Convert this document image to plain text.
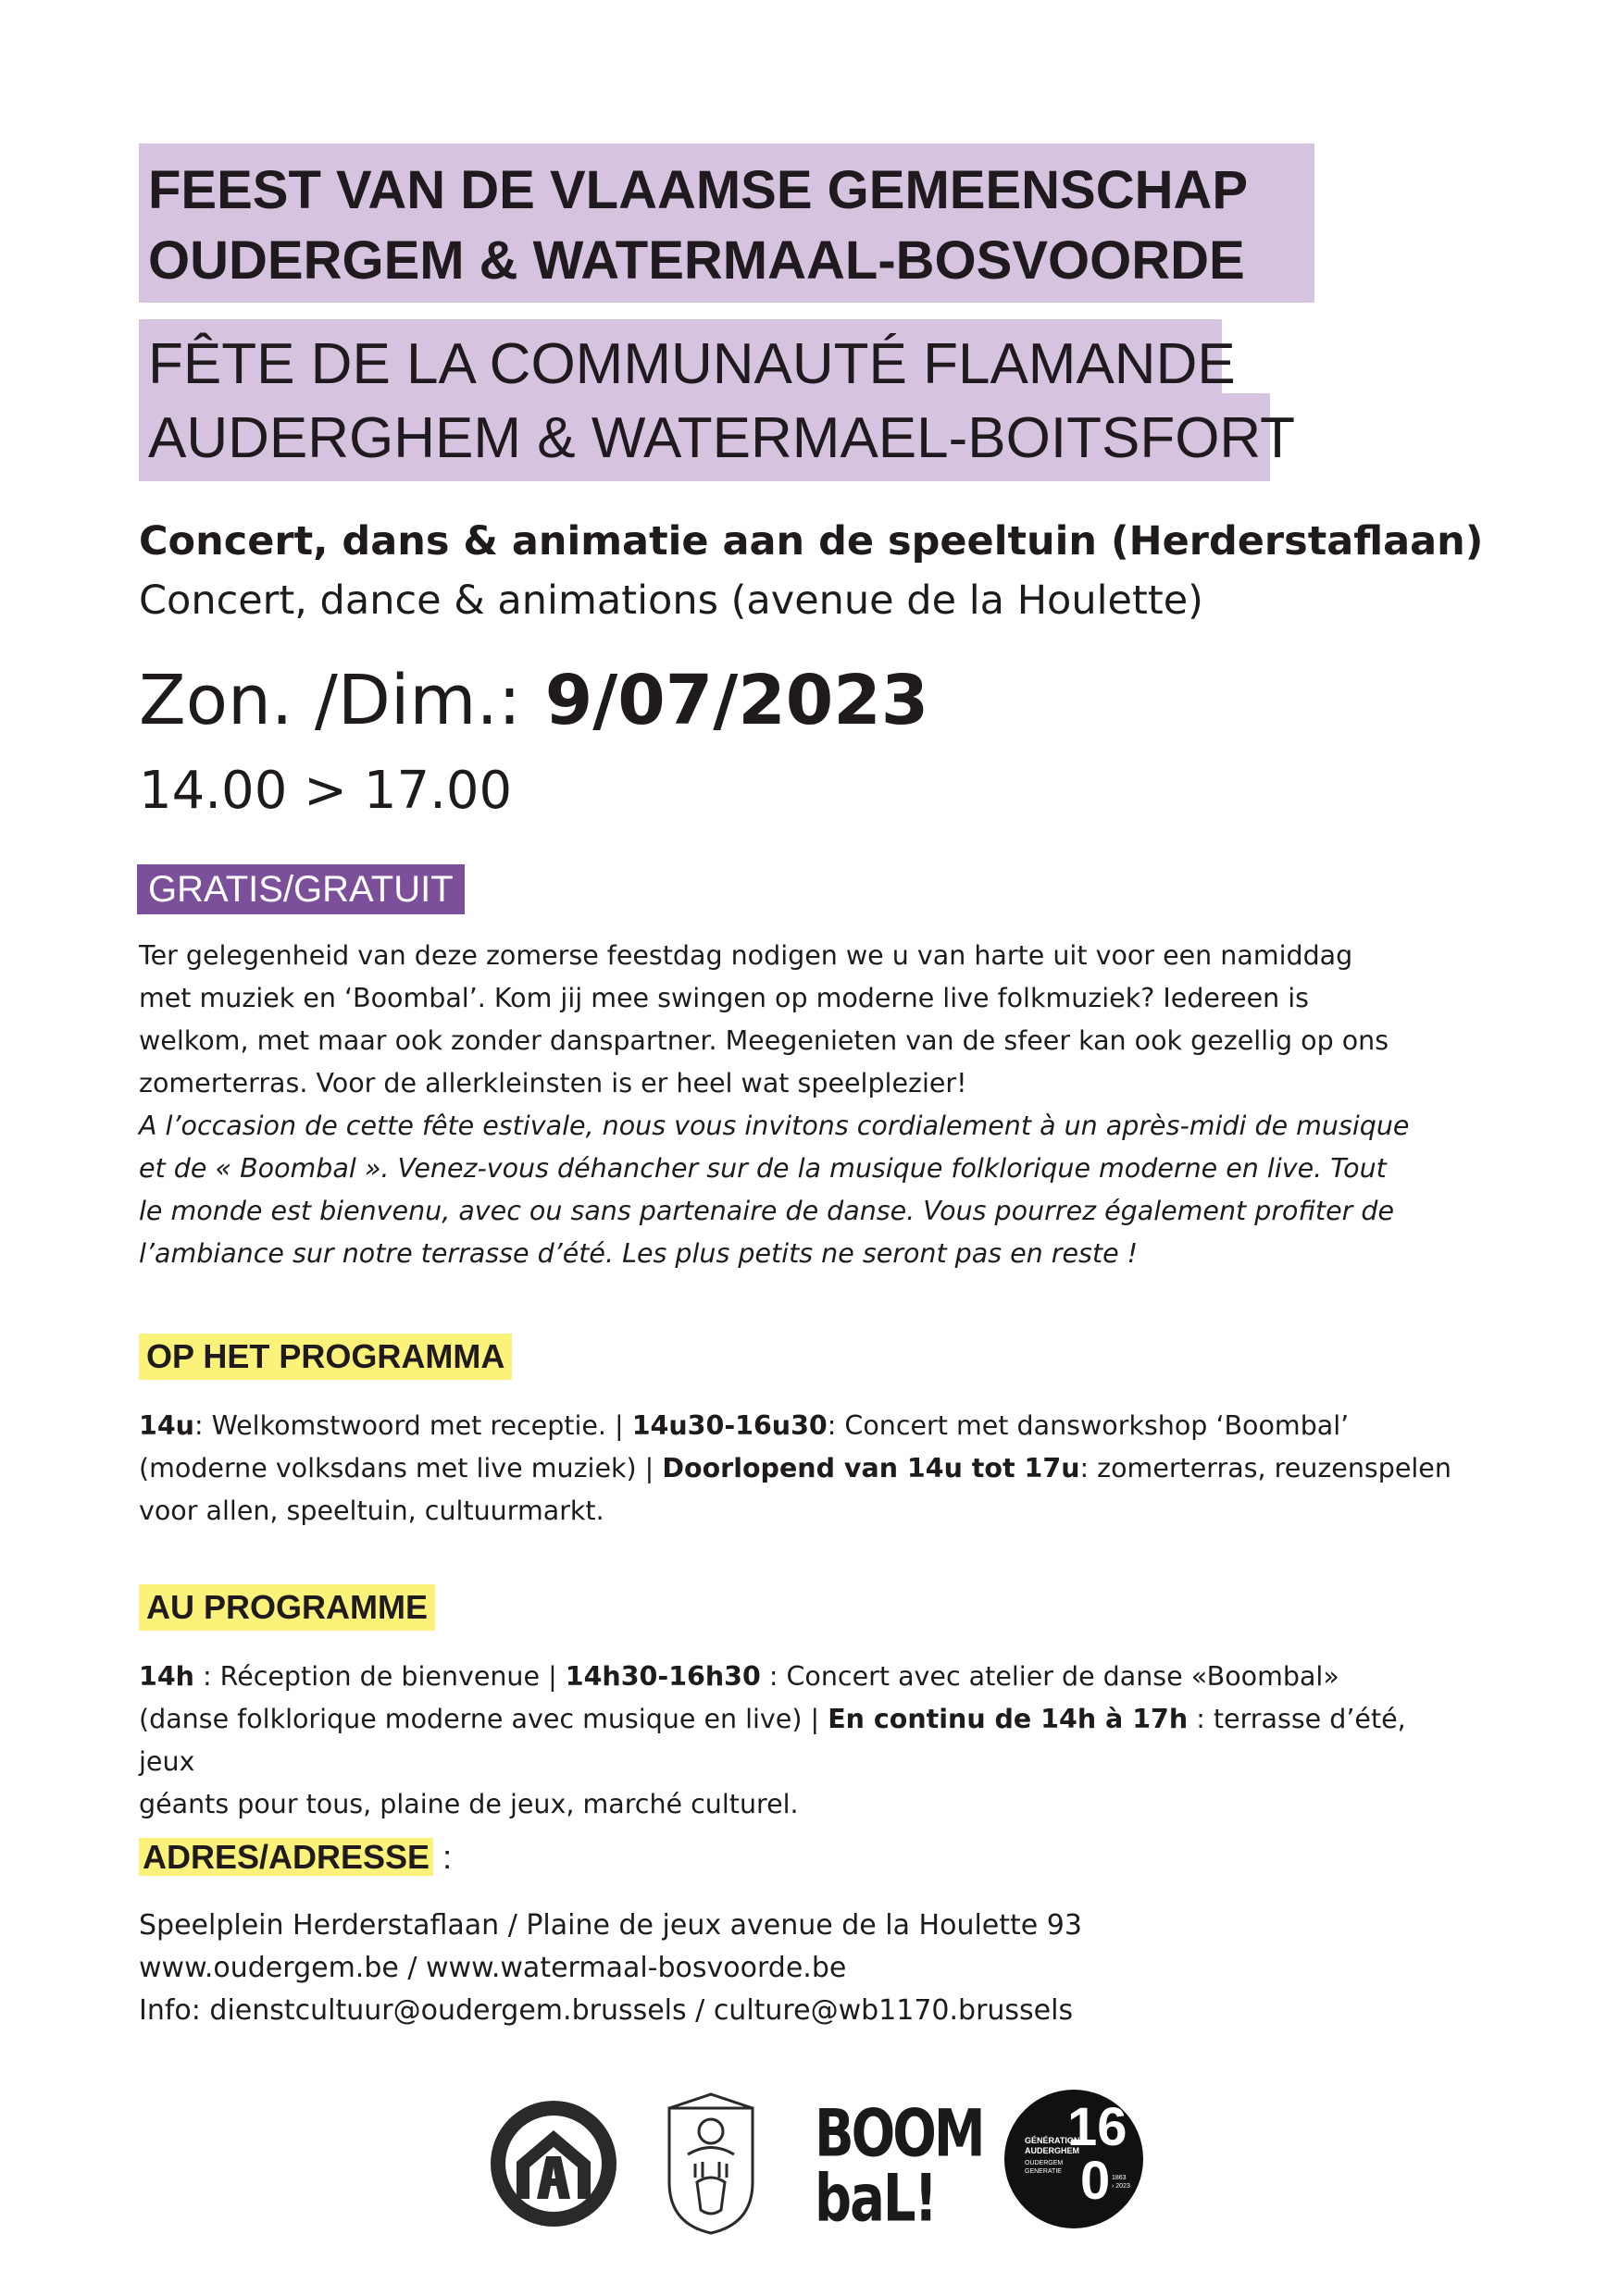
FEEST VAN DE VLAAMSE GEMEENSCHAP
OUDERGEM & WATERMAAL-BOSVOORDE
FÊTE DE LA COMMUNAUTÉ FLAMANDE
AUDERGHEM & WATERMAEL-BOITSFORT
Concert, dans & animatie aan de speeltuin (Herderstaflaan)
Concert, dance & animations (avenue de la Houlette)
Zon. /Dim.: 9/07/2023
14.00 > 17.00
GRATIS/GRATUIT

Ter gelegenheid van deze zomerse feestdag nodigen we u van harte uit voor een namiddag

met muziek en ‘Boombal’. Kom jij mee swingen op moderne live folkmuziek? Iedereen is

welkom, met maar ook zonder danspartner. Meegenieten van de sfeer kan ook gezellig op ons

zomerterras. Voor de allerkleinsten is er heel wat speelplezier!

A l’occasion de cette fête estivale, nous vous invitons cordialement à un après-midi de musique

et de « Boombal ». Venez-vous déhancher sur de la musique folklorique moderne en live. Tout

le monde est bienvenu, avec ou sans partenaire de danse. Vous pourrez également profiter de

l’ambiance sur notre terrasse d’été. Les plus petits ne seront pas en reste !

OP HET PROGRAMMA
14u: Welkomstwoord met receptie. | 14u30-16u30: Concert met dansworkshop ‘Boombal’
(moderne volksdans met live muziek) | Doorlopend van 14u tot 17u: zomerterras, reuzenspelen
voor allen, speeltuin, cultuurmarkt.
AU PROGRAMME
14h : Réception de bienvenue | 14h30-16h30 : Concert avec atelier de danse «Boombal»
(danse folklorique moderne avec musique en live) | En continu de 14h à 17h : terrasse d’été, jeux
géants pour tous, plaine de jeux, marché culturel.
ADRES/ADRESSE :
Speelplein Herderstaflaan / Plaine de jeux avenue de la Houlette 93
www.oudergem.be / www.watermaal-bosvoorde.be
Info: dienstcultuur@oudergem.brussels / culture@wb1170.brussels
BOOM
baL!
GÉNÉRATION
AUDERGHEM
OUDERGEM
GENERATIE
16
0 1863
› 2023
